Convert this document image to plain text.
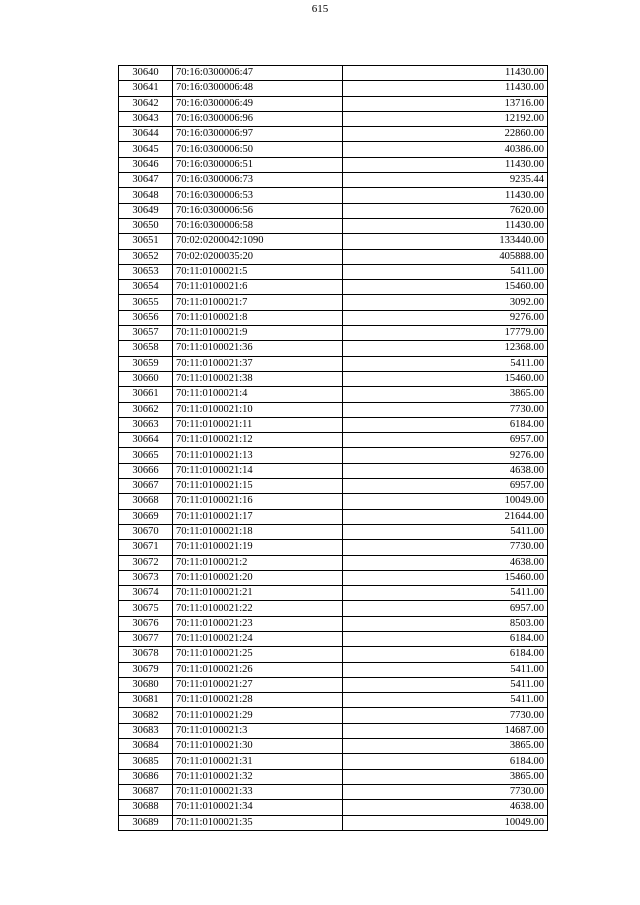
615
30640	70:16:0300006:47	11430.00
30641	70:16:0300006:48	11430.00
30642	70:16:0300006:49	13716.00
30643	70:16:0300006:96	12192.00
30644	70:16:0300006:97	22860.00
30645	70:16:0300006:50	40386.00
30646	70:16:0300006:51	11430.00
30647	70:16:0300006:73	9235.44
30648	70:16:0300006:53	11430.00
30649	70:16:0300006:56	7620.00
30650	70:16:0300006:58	11430.00
30651	70:02:0200042:1090	133440.00
30652	70:02:0200035:20	405888.00
30653	70:11:0100021:5	5411.00
30654	70:11:0100021:6	15460.00
30655	70:11:0100021:7	3092.00
30656	70:11:0100021:8	9276.00
30657	70:11:0100021:9	17779.00
30658	70:11:0100021:36	12368.00
30659	70:11:0100021:37	5411.00
30660	70:11:0100021:38	15460.00
30661	70:11:0100021:4	3865.00
30662	70:11:0100021:10	7730.00
30663	70:11:0100021:11	6184.00
30664	70:11:0100021:12	6957.00
30665	70:11:0100021:13	9276.00
30666	70:11:0100021:14	4638.00
30667	70:11:0100021:15	6957.00
30668	70:11:0100021:16	10049.00
30669	70:11:0100021:17	21644.00
30670	70:11:0100021:18	5411.00
30671	70:11:0100021:19	7730.00
30672	70:11:0100021:2	4638.00
30673	70:11:0100021:20	15460.00
30674	70:11:0100021:21	5411.00
30675	70:11:0100021:22	6957.00
30676	70:11:0100021:23	8503.00
30677	70:11:0100021:24	6184.00
30678	70:11:0100021:25	6184.00
30679	70:11:0100021:26	5411.00
30680	70:11:0100021:27	5411.00
30681	70:11:0100021:28	5411.00
30682	70:11:0100021:29	7730.00
30683	70:11:0100021:3	14687.00
30684	70:11:0100021:30	3865.00
30685	70:11:0100021:31	6184.00
30686	70:11:0100021:32	3865.00
30687	70:11:0100021:33	7730.00
30688	70:11:0100021:34	4638.00
30689	70:11:0100021:35	10049.00
